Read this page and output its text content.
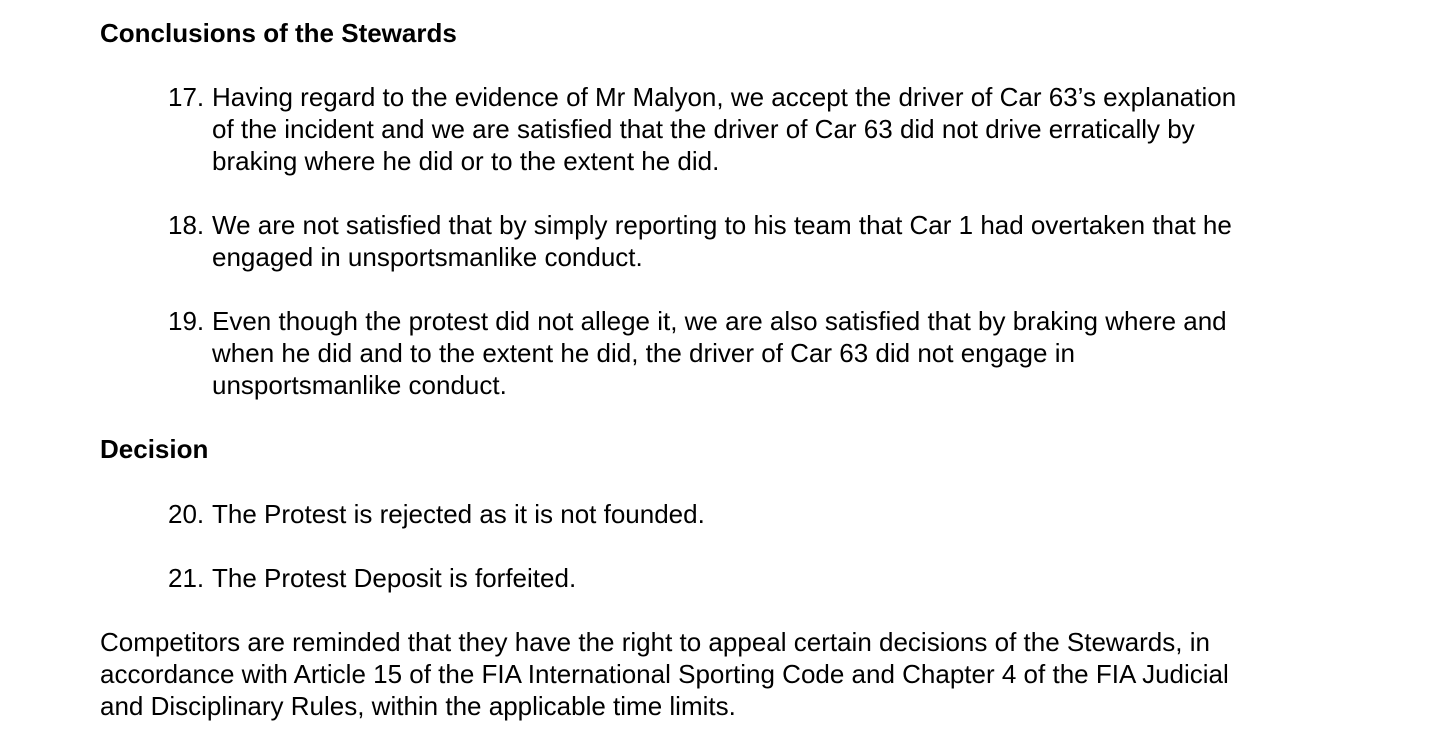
Conclusions of the Stewards

17. Having regard to the evidence of Mr Malyon, we accept the driver of Car 63’s explanation
of the incident and we are satisfied that the driver of Car 63 did not drive erratically by
braking where he did or to the extent he did.

18. We are not satisfied that by simply reporting to his team that Car 1 had overtaken that he
engaged in unsportsmanlike conduct.

19. Even though the protest did not allege it, we are also satisfied that by braking where and
when he did and to the extent he did, the driver of Car 63 did not engage in
unsportsmanlike conduct.

Decision

20. The Protest is rejected as it is not founded.

21. The Protest Deposit is forfeited.

Competitors are reminded that they have the right to appeal certain decisions of the Stewards, in
accordance with Article 15 of the FIA International Sporting Code and Chapter 4 of the FIA Judicial
and Disciplinary Rules, within the applicable time limits.
